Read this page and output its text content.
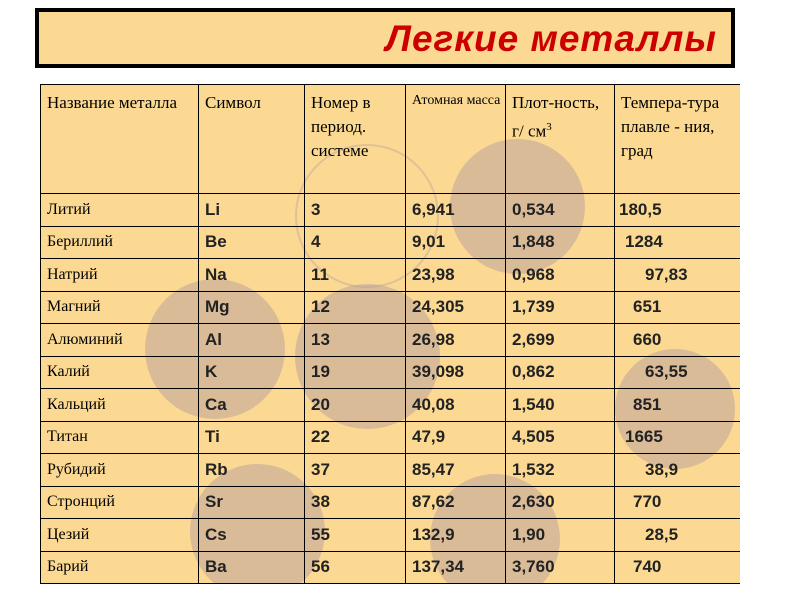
Легкие металлы
Название металла	Символ	Номер в период. системе	Атомная масса	Плот-ность, г/ $см^3$	Темпера-тура плавле - ния, град
Литий	Li	3	6,941	0,534	180,5
Бериллий	Be	4	9,01	1,848	1284
Натрий	Na	11	23,98	0,968	97,83
Магний	Mg	12	24,305	1,739	651
Алюминий	Al	13	26,98	2,699	660
Калий	K	19	39,098	0,862	63,55
Кальций	Ca	20	40,08	1,540	851
Титан	Ti	22	47,9	4,505	1665
Рубидий	Rb	37	85,47	1,532	38,9
Стронций	Sr	38	87,62	2,630	770
Цезий	Cs	55	132,9	1,90	28,5
Барий	Ba	56	137,34	3,760	740
